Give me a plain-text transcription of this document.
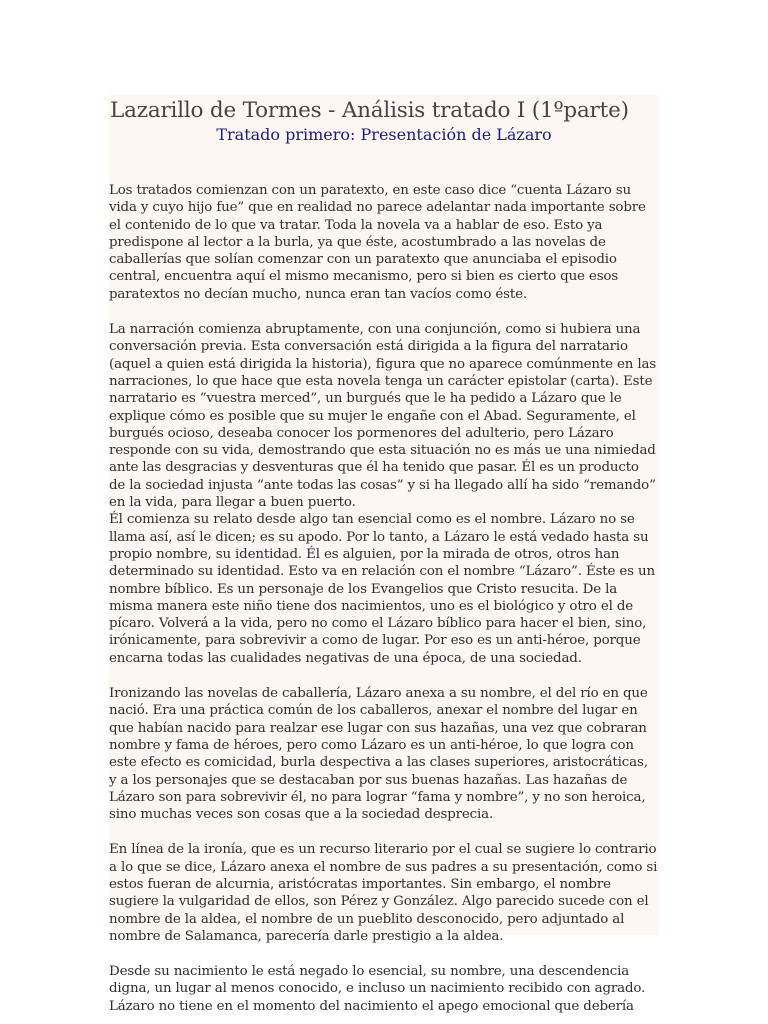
Lazarillo de Tormes - Análisis tratado I (1ºparte)
Tratado primero: Presentación de Lázaro

Los tratados comienzan con un paratexto, en este caso dice “cuenta Lázaro su vida y cuyo hijo fue” que en realidad no parece adelantar nada importante sobre el contenido de lo que va tratar. Toda la novela va a hablar de eso. Esto ya predispone al lector a la burla, ya que éste, acostumbrado a las novelas de caballerías que solían comenzar con un paratexto que anunciaba el episodio central, encuentra aquí el mismo mecanismo, pero si bien es cierto que esos paratextos no decían mucho, nunca eran tan vacíos como éste.

La narración comienza abruptamente, con una conjunción, como si hubiera una conversación previa. Esta conversación está dirigida a la figura del narratario (aquel a quien está dirigida la historia), figura que no aparece comúnmente en las narraciones, lo que hace que esta novela tenga un carácter epistolar (carta). Este narratario es “vuestra merced”, un burgués que le ha pedido a Lázaro que le explique cómo es posible que su mujer le engañe con el Abad. Seguramente, el burgués ocioso, deseaba conocer los pormenores del adulterio, pero Lázaro responde con su vida, demostrando que esta situación no es más ue una nimiedad ante las desgracias y desventuras que él ha tenido que pasar. Él es un producto de la sociedad injusta “ante todas las cosas” y si ha llegado allí ha sido “remando” en la vida, para llegar a buen puerto.

Él comienza su relato desde algo tan esencial como es el nombre. Lázaro no se llama así, así le dicen; es su apodo. Por lo tanto, a Lázaro le está vedado hasta su propio nombre, su identidad. Él es alguien, por la mirada de otros, otros han determinado su identidad. Esto va en relación con el nombre “Lázaro”. Éste es un nombre bíblico. Es un personaje de los Evangelios que Cristo resucita. De la misma manera este niño tiene dos nacimientos, uno es el biológico y otro el de pícaro. Volverá a la vida, pero no como el Lázaro bíblico para hacer el bien, sino, irónicamente, para sobrevivir a como de lugar. Por eso es un anti-héroe, porque encarna todas las cualidades negativas de una época, de una sociedad.

Ironizando las novelas de caballería, Lázaro anexa a su nombre, el del río en que nació. Era una práctica común de los caballeros, anexar el nombre del lugar en que habían nacido para realzar ese lugar con sus hazañas, una vez que cobraran nombre y fama de héroes, pero como Lázaro es un anti-héroe, lo que logra con este efecto es comicidad, burla despectiva a las clases superiores, aristocráticas, y a los personajes que se destacaban por sus buenas hazañas. Las hazañas de Lázaro son para sobrevivir él, no para lograr “fama y nombre”, y no son heroica, sino muchas veces son cosas que a la sociedad desprecia.

En línea de la ironía, que es un recurso literario por el cual se sugiere lo contrario a lo que se dice, Lázaro anexa el nombre de sus padres a su presentación, como si estos fueran de alcurnia, aristócratas importantes. Sin embargo, el nombre sugiere la vulgaridad de ellos, son Pérez y González. Algo parecido sucede con el nombre de la aldea, el nombre de un pueblito desconocido, pero adjuntado al nombre de Salamanca, parecería darle prestigio a la aldea.

Desde su nacimiento le está negado lo esencial, su nombre, una descendencia digna, un lugar al menos conocido, e incluso un nacimiento recibido con agrado. Lázaro no tiene en el momento del nacimiento el apego emocional que debería
